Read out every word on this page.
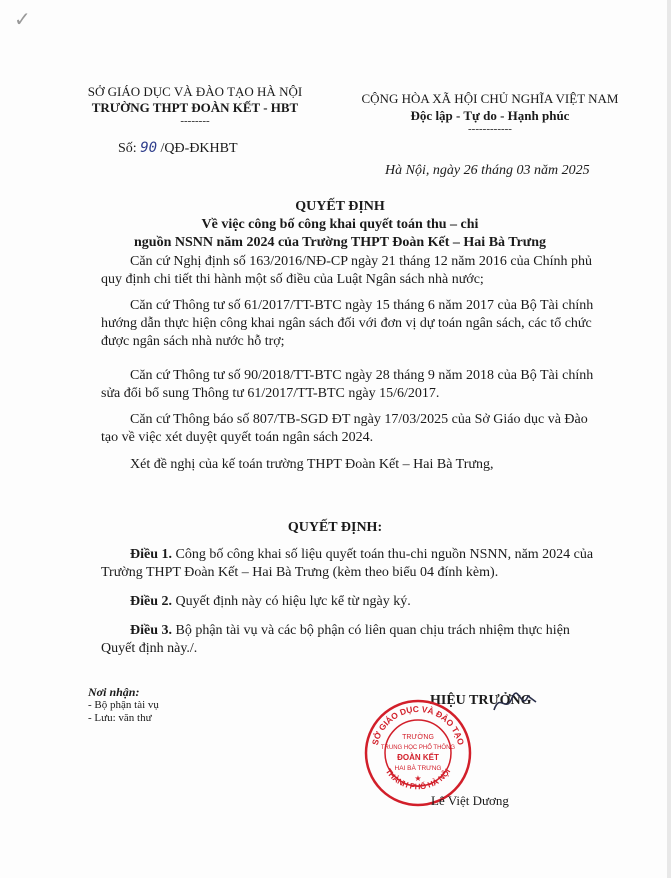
✓
SỞ GIÁO DỤC VÀ ĐÀO TẠO HÀ NỘI
TRƯỜNG THPT ĐOÀN KẾT - HBT
--------
CỘNG HÒA XÃ HỘI CHỦ NGHĨA VIỆT NAM
Độc lập - Tự do - Hạnh phúc
------------
Số: 90 /QĐ-ĐKHBT
Hà Nội, ngày 26 tháng 03 năm 2025
QUYẾT ĐỊNH
Về việc công bố công khai quyết toán thu – chi
nguồn NSNN năm 2024 của Trường THPT Đoàn Kết – Hai Bà Trưng
Căn cứ Nghị định số 163/2016/NĐ-CP ngày 21 tháng 12 năm 2016 của Chính phủ quy định chi tiết thi hành một số điều của Luật Ngân sách nhà nước;
Căn cứ Thông tư số 61/2017/TT-BTC ngày 15 tháng 6 năm 2017 của Bộ Tài chính hướng dẫn thực hiện công khai ngân sách đối với đơn vị dự toán ngân sách, các tổ chức được ngân sách nhà nước hỗ trợ;
Căn cứ Thông tư số 90/2018/TT-BTC ngày 28 tháng 9 năm 2018 của Bộ Tài chính sửa đổi bổ sung Thông tư 61/2017/TT-BTC ngày 15/6/2017.
Căn cứ Thông báo số 807/TB-SGD ĐT ngày 17/03/2025 của Sở Giáo dục và Đào tạo về việc xét duyệt quyết toán ngân sách 2024.
Xét đề nghị của kế toán trường THPT Đoàn Kết – Hai Bà Trưng,
QUYẾT ĐỊNH:
Điều 1. Công bố công khai số liệu quyết toán thu-chi nguồn NSNN, năm 2024 của Trường THPT Đoàn Kết – Hai Bà Trưng (kèm theo biểu 04 đính kèm).
Điều 2. Quyết định này có hiệu lực kể từ ngày ký.
Điều 3. Bộ phận tài vụ và các bộ phận có liên quan chịu trách nhiệm thực hiện Quyết định này./.
Nơi nhận:
- Bộ phận tài vụ
- Lưu: văn thư
HIỆU TRƯỞNG
SỞ GIÁO DỤC VÀ ĐÀO TẠO
THÀNH PHỐ HÀ NỘI
TRƯỜNG
TRUNG HỌC PHỔ THÔNG
ĐOÀN KẾT
HAI BÀ TRƯNG
★
Lê Việt Dương
